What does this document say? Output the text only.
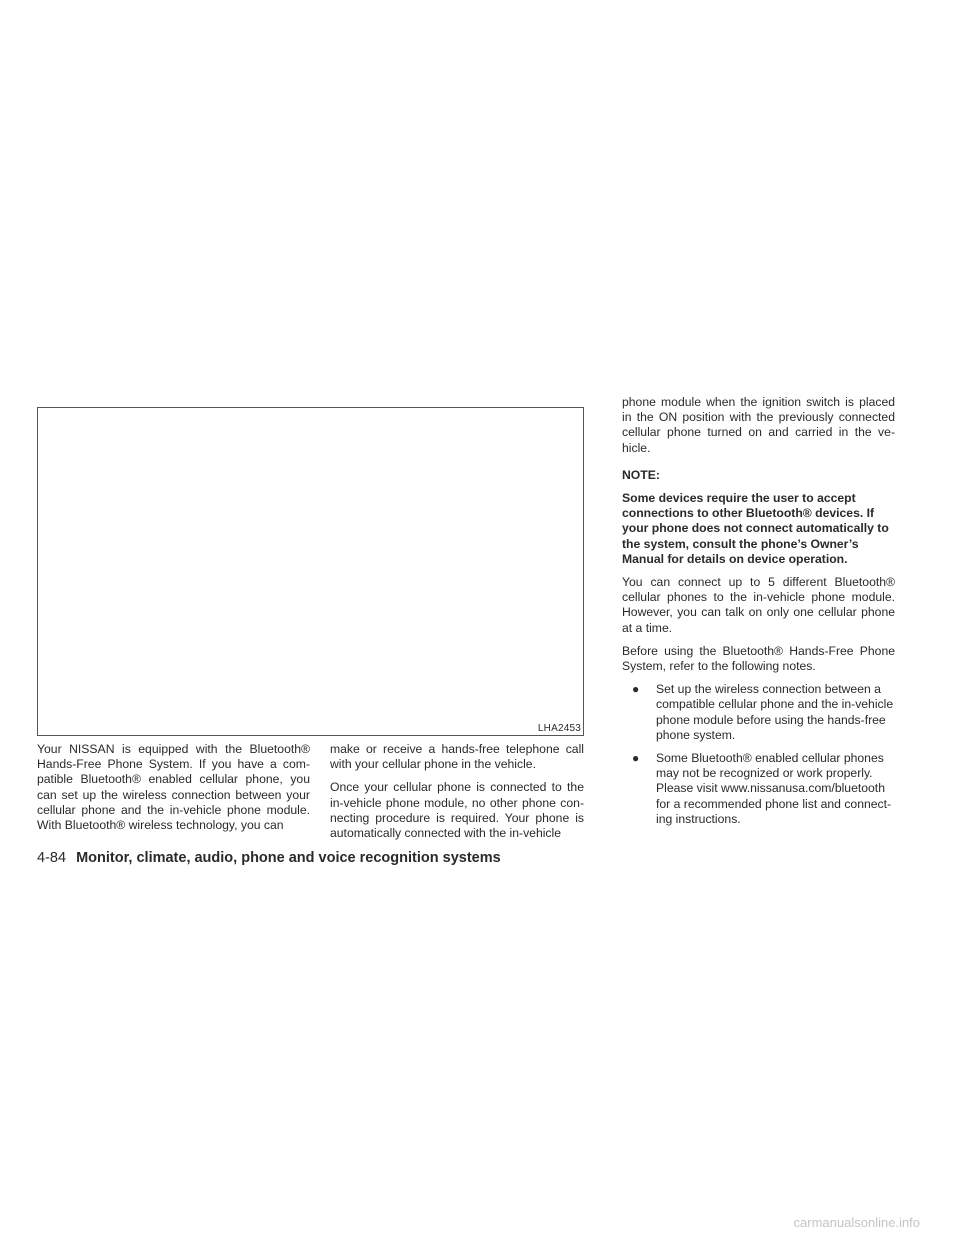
LHA2453

Your NISSAN is equipped with the Bluetooth® Hands-Free Phone System. If you have a compatible Bluetooth® enabled cellular phone, you can set up the wireless connection between your cellular phone and the in-vehicle phone module. With Bluetooth® wireless technology, you can

make or receive a hands-free telephone call with your cellular phone in the vehicle.

Once your cellular phone is connected to the in-vehicle phone module, no other phone connecting procedure is required. Your phone is automatically connected with the in-vehicle

phone module when the ignition switch is placed in the ON position with the previously connected cellular phone turned on and carried in the vehicle.

NOTE:

Some devices require the user to accept connections to other Bluetooth® devices. If your phone does not connect automatically to the system, consult the phone’s Owner’s Manual for details on device operation.

You can connect up to 5 different Bluetooth® cellular phones to the in-vehicle phone module. However, you can talk on only one cellular phone at a time.

Before using the Bluetooth® Hands-Free Phone System, refer to the following notes.

● Set up the wireless connection between a compatible cellular phone and the in-vehicle phone module before using the hands-free phone system.
● Some Bluetooth® enabled cellular phones may not be recognized or work properly. Please visit www.nissanusa.com/bluetooth for a recommended phone list and connecting instructions.
4-84 Monitor, climate, audio, phone and voice recognition systems
carmanualsonline.info
